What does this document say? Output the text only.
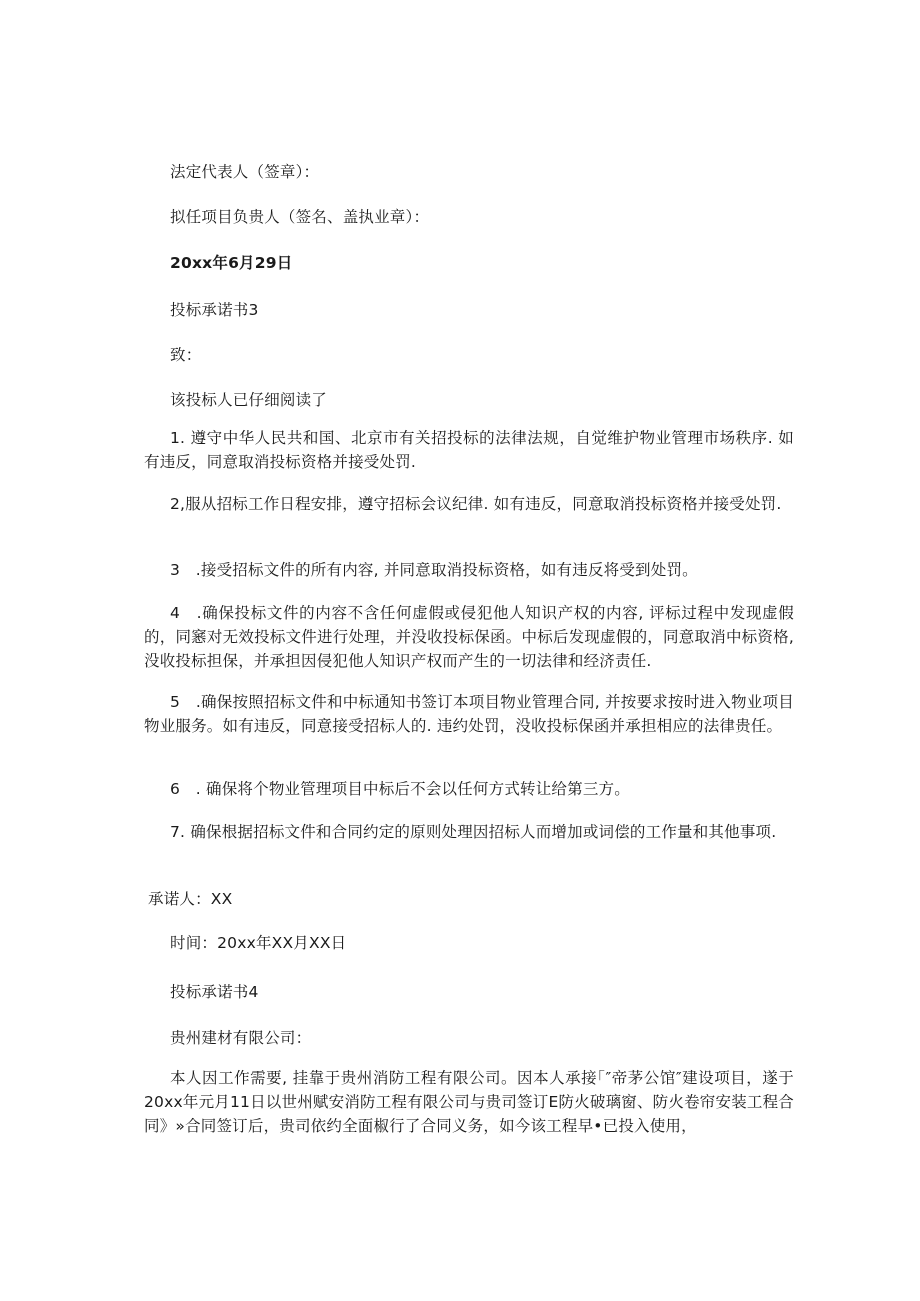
法定代表人（签章）：
拟任项目负贵人（签名、盖执业章）：
20xx年6月29日
投标承诺书3
致：
该投标人已仔细阅读了
1. 遵守中华人民共和国、北京市有关招投标的法律法规，自觉维护物业管理市场秩序. 如有违反，同意取消投标资格并接受处罚.
2,服从招标工作日程安排，遵守招标会议纪律. 如有违反，同意取消投标资格并接受处罚.
3　.接受招标文件的所有内容, 并同意取消投标资格，如有违反将受到处罚。
4　.确保投标文件的内容不含任何虚假或侵犯他人知识产权的内容, 评标过程中发现虚假的，同窸对无效投标文件进行处理，并没收投标保函。中标后发现虚假的，同意取消中标资格, 没收投标担保，并承担因侵犯他人知识产权而产生的一切法律和经济责任.
5　.确保按照招标文件和中标通知书签订本项目物业管理合同, 并按要求按时进入物业项目物业服务。如有违反，同意接受招标人的. 违约处罚，没收投标保函并承担相应的法律贵任。
6　. 确保将个物业管理项目中标后不会以任何方式转让给第三方。
7. 确保根据招标文件和合同约定的原则处理因招标人而增加或词偿的工作量和其他事项.
承诺人：XX
时间：20xx年XX月XX日
投标承诺书4
贵州建材有限公司：
本人因工作需要, 挂靠于贵州消防工程有限公司。因本人承接｢″帝茅公馆″建设项目，遂于20xx年元月11日以世州赋安消防工程有限公司与贵司签订E防火破璃窗、防火卷帘安装工程合同》»合同签订后，贵司依约全面椒行了合同义务，如今该工程早•已投入使用，
